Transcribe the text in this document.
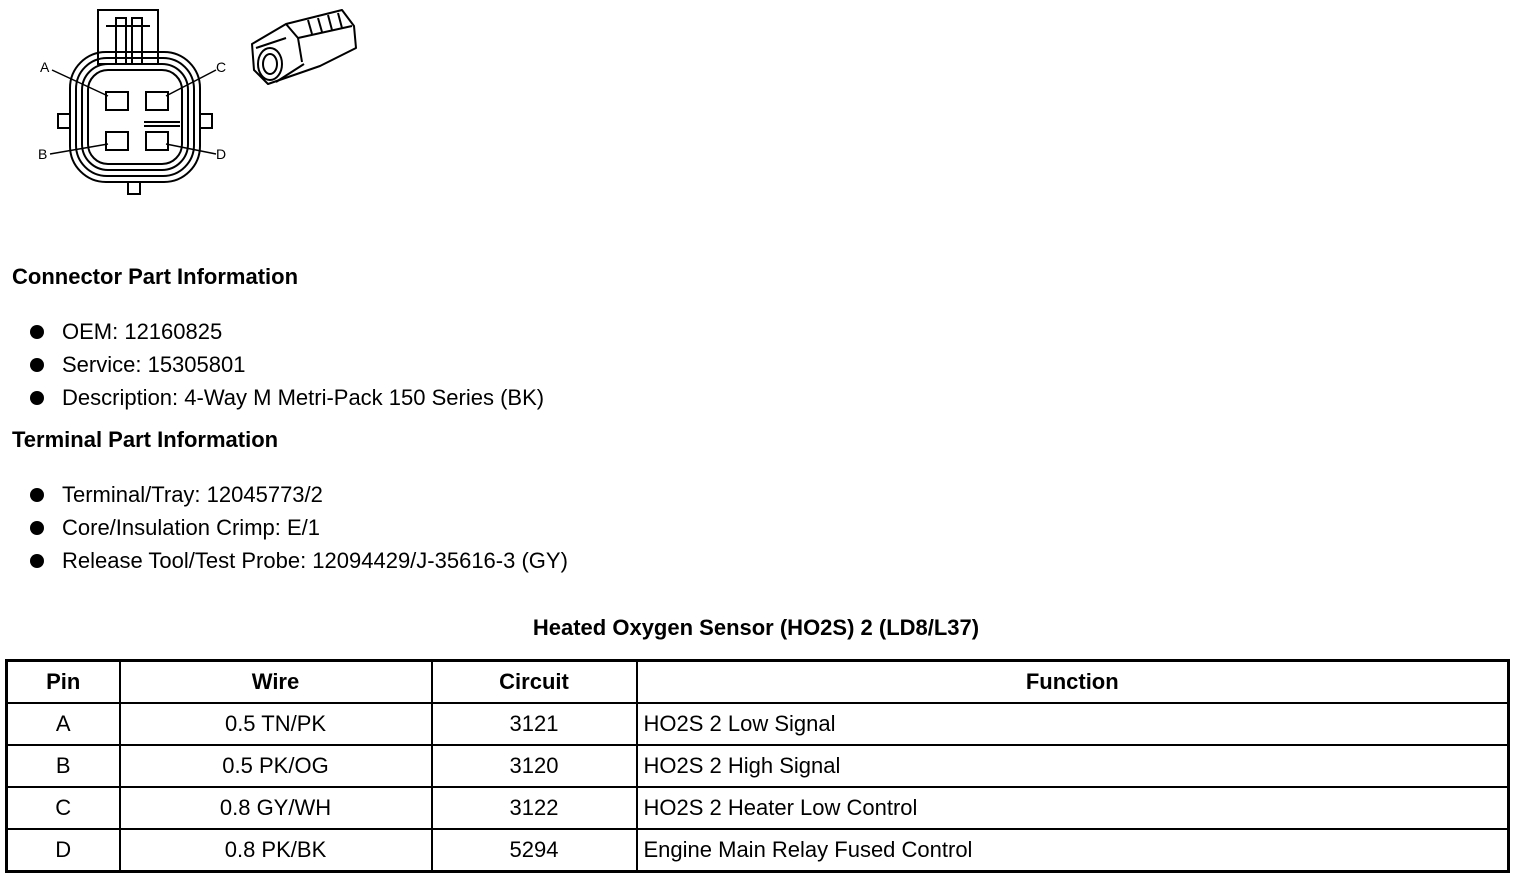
A
B
C
D
Connector Part Information
OEM: 12160825
Service: 15305801
Description: 4-Way M Metri-Pack 150 Series (BK)
Terminal Part Information
Terminal/Tray: 12045773/2
Core/Insulation Crimp: E/1
Release Tool/Test Probe: 12094429/J-35616-3 (GY)
Heated Oxygen Sensor (HO2S) 2 (LD8/L37)
Pin	Wire	Circuit	Function
A	0.5 TN/PK	3121	HO2S 2 Low Signal
B	0.5 PK/OG	3120	HO2S 2 High Signal
C	0.8 GY/WH	3122	HO2S 2 Heater Low Control
D	0.8 PK/BK	5294	Engine Main Relay Fused Control
